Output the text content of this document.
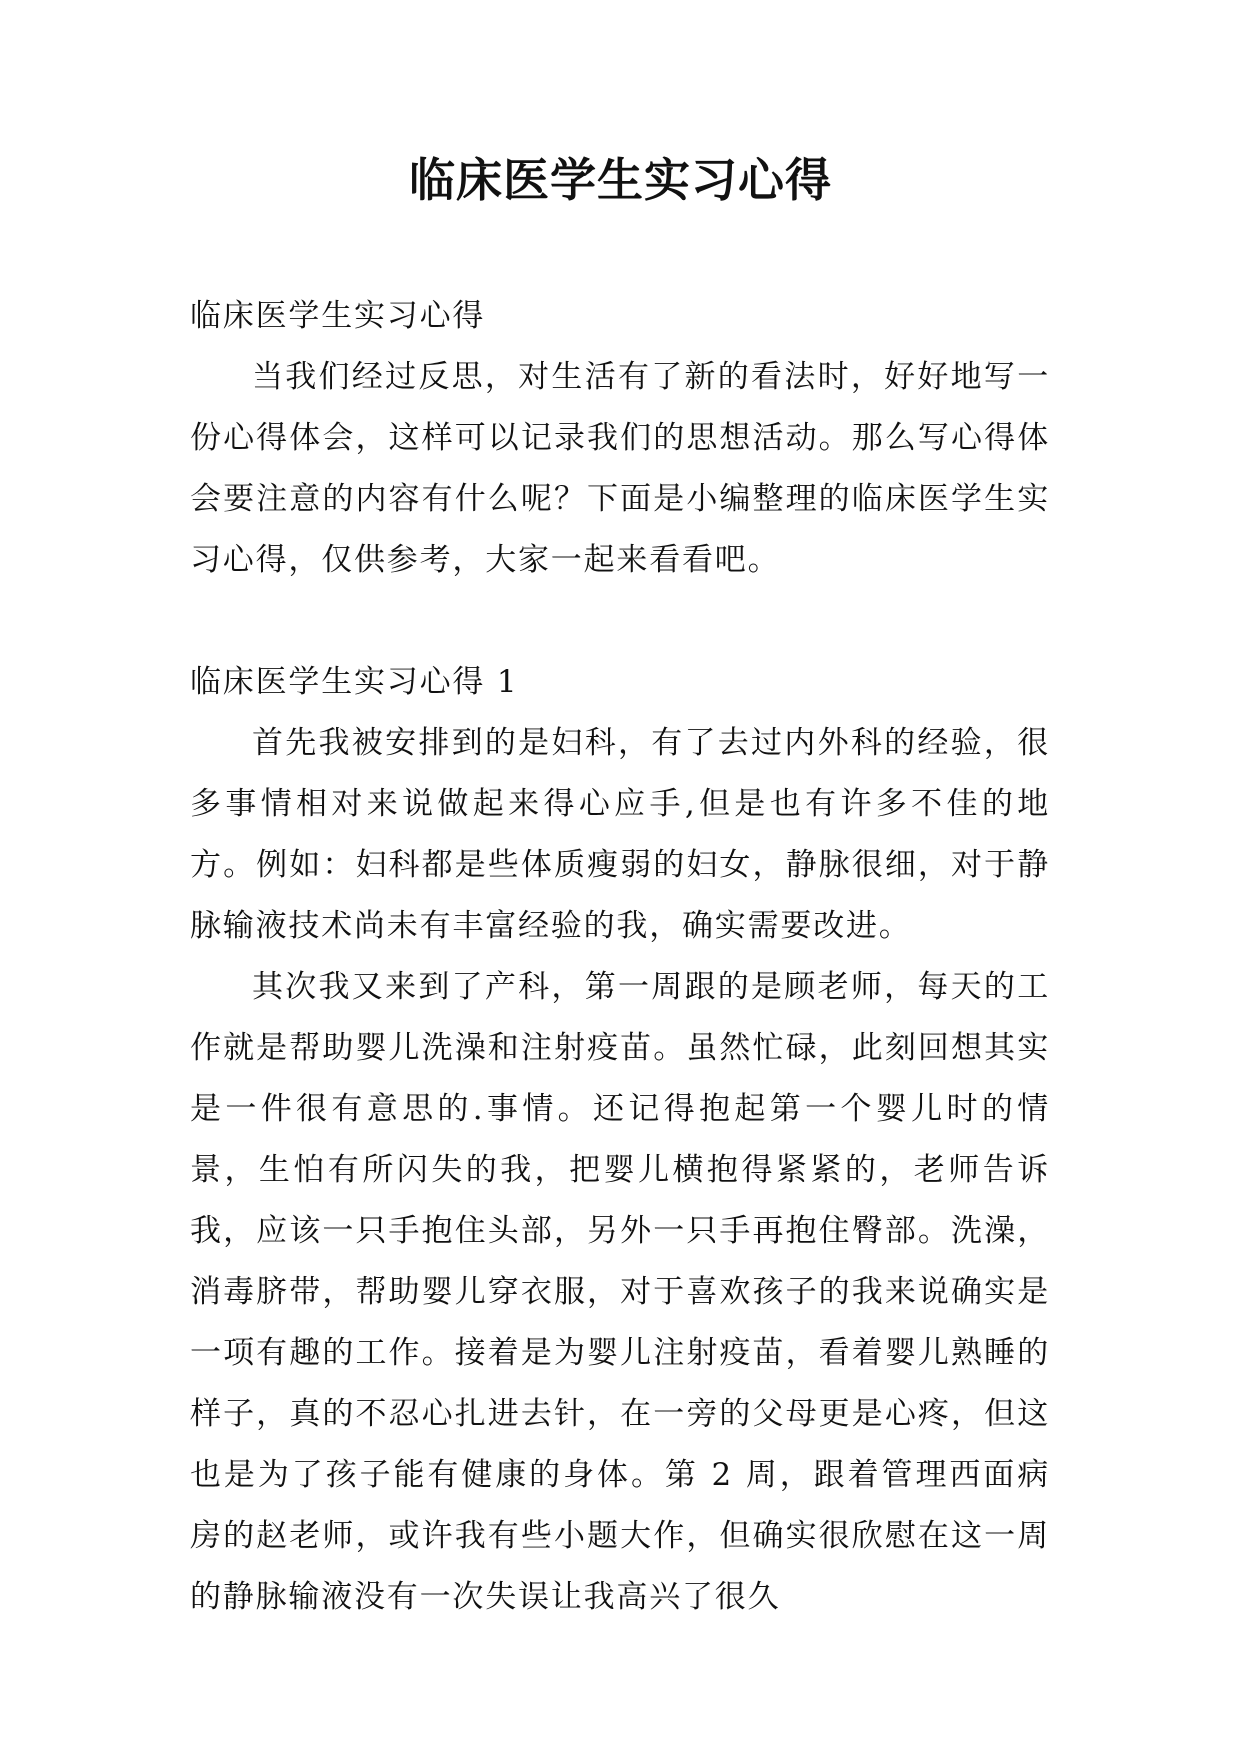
临床医学生实习心得

临床医学生实习心得

当我们经过反思，对生活有了新的看法时，好好地写一份心得体会，这样可以记录我们的思想活动。那么写心得体会要注意的内容有什么呢？下面是小编整理的临床医学生实习心得，仅供参考，大家一起来看看吧。

临床医学生实习心得 1

首先我被安排到的是妇科，有了去过内外科的经验，很多事情相对来说做起来得心应手,但是也有许多不佳的地方。例如：妇科都是些体质瘦弱的妇女，静脉很细，对于静脉输液技术尚未有丰富经验的我，确实需要改进。

其次我又来到了产科，第一周跟的是顾老师，每天的工作就是帮助婴儿洗澡和注射疫苗。虽然忙碌，此刻回想其实是一件很有意思的.事情。还记得抱起第一个婴儿时的情景，生怕有所闪失的我，把婴儿横抱得紧紧的，老师告诉我，应该一只手抱住头部，另外一只手再抱住臀部。洗澡，消毒脐带，帮助婴儿穿衣服，对于喜欢孩子的我来说确实是一项有趣的工作。接着是为婴儿注射疫苗，看着婴儿熟睡的样子，真的不忍心扎进去针，在一旁的父母更是心疼，但这也是为了孩子能有健康的身体。第 2 周，跟着管理西面病房的赵老师，或许我有些小题大作，但确实很欣慰在这一周的静脉输液没有一次失误让我高兴了很久
